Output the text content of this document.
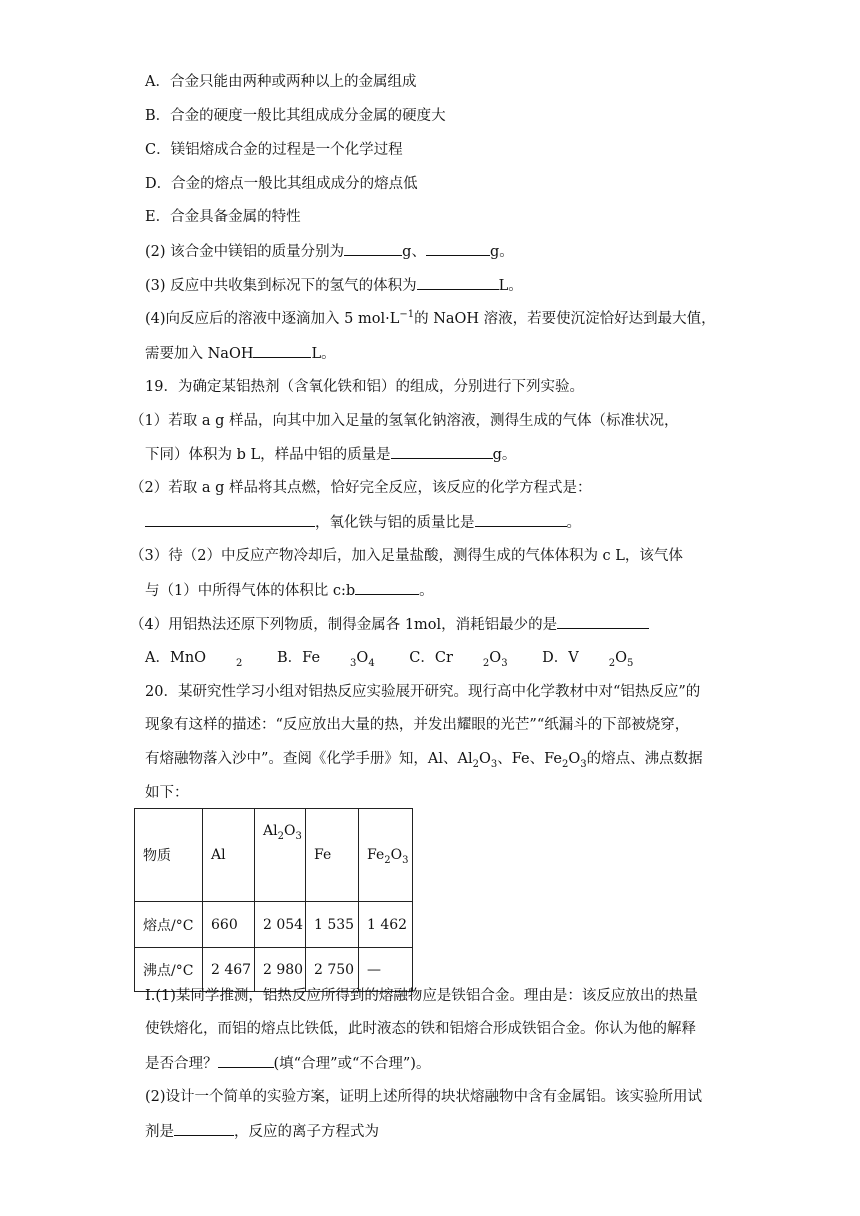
A．合金只能由两种或两种以上的金属组成
B．合金的硬度一般比其组成成分金属的硬度大
C．镁铝熔成合金的过程是一个化学过程
D．合金的熔点一般比其组成成分的熔点低
E．合金具备金属的特性
(2) 该合金中镁铝的质量分别为	g、	g。
(3) 反应中共收集到标况下的氢气的体积为	L。
(4)向反应后的溶液中逐滴加入 5 $mol\cdot L^{-1}$的 NaOH 溶液，若要使沉淀恰好达到最大值，
需要加入 NaOH	L。
19．为确定某铝热剂（含氧化铁和铝）的组成，分别进行下列实验。
（1）若取 a g 样品，向其中加入足量的氢氧化钠溶液，测得生成的气体（标准状况，
下同）体积为 b L，样品中铝的质量是	g。
（2）若取 a g 样品将其点燃，恰好完全反应，该反应的化学方程式是：
，氧化铁与铝的质量比是	。
（3）待（2）中反应产物冷却后，加入足量盐酸，测得生成的气体体积为 c L，该气体
与（1）中所得气体的体积比 c:b	。
（4）用铝热法还原下列物质，制得金属各 1mol，消耗铝最少的是
A．MnO	$_2$ B．Fe	$_3O_4$ C．Cr	$_2O_3$ D．V	$_2O_5$
20．某研究性学习小组对铝热反应实验展开研究。现行高中化学教材中对“铝热反应”的
现象有这样的描述：“反应放出大量的热，并发出耀眼的光芒”“纸漏斗的下部被烧穿，
有熔融物落入沙中”。查阅《化学手册》知，Al、$Al_2O_3$、Fe、$Fe_2O_3$的熔点、沸点数据
如下：
物质	Al	$Al_2O_3$	Fe	$Fe_2O_3$
熔点/°C	660	2 054	1 535	1 462
沸点/°C	2 467	2 980	2 750	—
I.(1)某同学推测，铝热反应所得到的熔融物应是铁铝合金。理由是：该反应放出的热量
使铁熔化，而铝的熔点比铁低，此时液态的铁和铝熔合形成铁铝合金。你认为他的解释
是否合理？	(填“合理”或“不合理”)。
(2)设计一个简单的实验方案，证明上述所得的块状熔融物中含有金属铝。该实验所用试
剂是	，反应的离子方程式为
